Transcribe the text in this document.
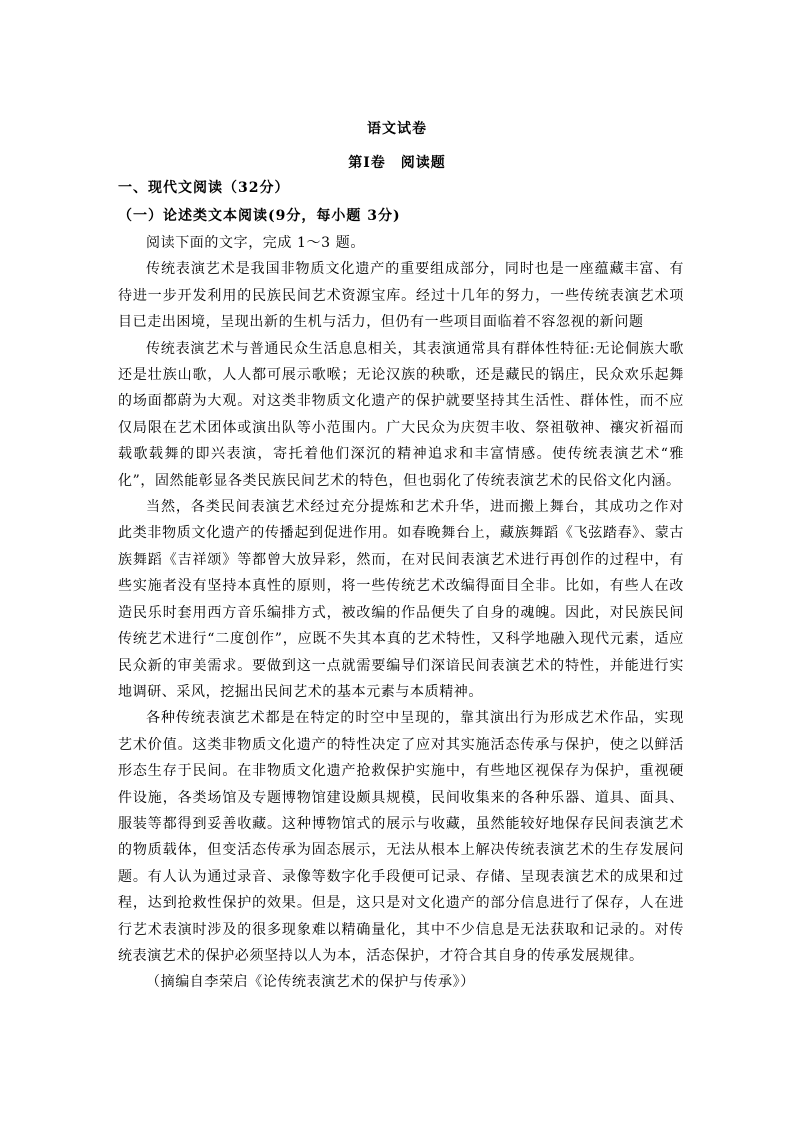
语文试卷
第Ⅰ卷　阅读题
一、现代文阅读（32分）
（一）论述类文本阅读(9分，每小题 3分)

阅读下面的文字，完成 1～3 题。

传统表演艺术是我国非物质文化遗产的重要组成部分，同时也是一座蕴藏丰富、有待进一步开发利用的民族民间艺术资源宝库。经过十几年的努力，一些传统表演艺术项目已走出困境，呈现出新的生机与活力，但仍有一些项目面临着不容忽视的新问题

传统表演艺术与普通民众生活息息相关，其表演通常具有群体性特征:无论侗族大歌还是壮族山歌，人人都可展示歌喉；无论汉族的秧歌，还是藏民的锅庄，民众欢乐起舞的场面都蔚为大观。对这类非物质文化遗产的保护就要坚持其生活性、群体性，而不应仅局限在艺术团体或演出队等小范围内。广大民众为庆贺丰收、祭祖敬神、禳灾祈福而载歌载舞的即兴表演，寄托着他们深沉的精神追求和丰富情感。使传统表演艺术“雅化”，固然能彰显各类民族民间艺术的特色，但也弱化了传统表演艺术的民俗文化内涵。

当然，各类民间表演艺术经过充分提炼和艺术升华，进而搬上舞台，其成功之作对此类非物质文化遗产的传播起到促进作用。如春晚舞台上，藏族舞蹈《飞弦踏春》、蒙古族舞蹈《吉祥颂》等都曾大放异彩，然而，在对民间表演艺术进行再创作的过程中，有些实施者没有坚持本真性的原则，将一些传统艺术改编得面目全非。比如，有些人在改造民乐时套用西方音乐编排方式，被改编的作品便失了自身的魂魄。因此，对民族民间传统艺术进行“二度创作”，应既不失其本真的艺术特性，又科学地融入现代元素，适应民众新的审美需求。要做到这一点就需要编导们深谙民间表演艺术的特性，并能进行实地调研、采风，挖掘出民间艺术的基本元素与本质精神。

各种传统表演艺术都是在特定的时空中呈现的，靠其演出行为形成艺术作品，实现艺术价值。这类非物质文化遗产的特性决定了应对其实施活态传承与保护，使之以鲜活形态生存于民间。在非物质文化遗产抢救保护实施中，有些地区视保存为保护，重视硬件设施，各类场馆及专题博物馆建设颇具规模，民间收集来的各种乐器、道具、面具、服装等都得到妥善收藏。这种博物馆式的展示与收藏，虽然能较好地保存民间表演艺术的物质载体，但变活态传承为固态展示，无法从根本上解决传统表演艺术的生存发展问题。有人认为通过录音、录像等数字化手段便可记录、存储、呈现表演艺术的成果和过程，达到抢救性保护的效果。但是，这只是对文化遗产的部分信息进行了保存，人在进行艺术表演时涉及的很多现象难以精确量化，其中不少信息是无法获取和记录的。对传统表演艺术的保护必须坚持以人为本，活态保护，才符合其自身的传承发展规律。

（摘编自李荣启《论传统表演艺术的保护与传承》）
